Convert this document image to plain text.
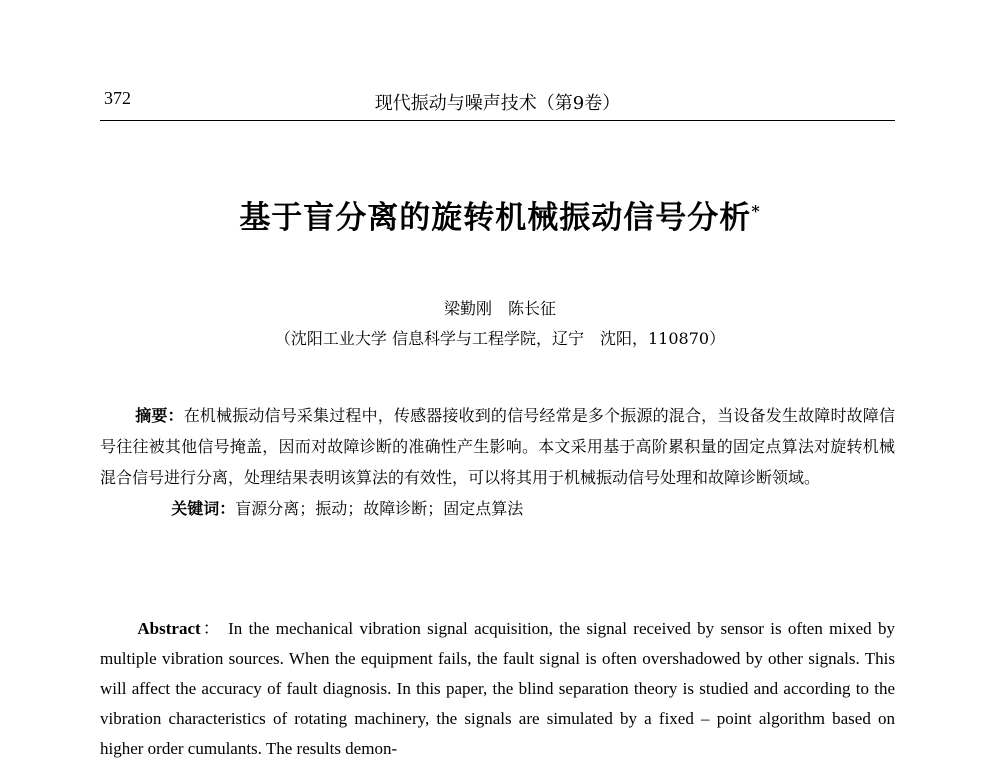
372	现代振动与噪声技术（第9卷）
基于盲分离的旋转机械振动信号分析*
梁勤刚　陈长征
（沈阳工业大学 信息科学与工程学院，辽宁　沈阳，110870）

摘要：在机械振动信号采集过程中，传感器接收到的信号经常是多个振源的混合，当设备发生故障时故障信号往往被其他信号掩盖，因而对故障诊断的准确性产生影响。本文采用基于高阶累积量的固定点算法对旋转机械混合信号进行分离，处理结果表明该算法的有效性，可以将其用于机械振动信号处理和故障诊断领域。

关键词：盲源分离；振动；故障诊断；固定点算法

Abstract： In the mechanical vibration signal acquisition, the signal received by sensor is often mixed by multiple vibration sources. When the equipment fails, the fault signal is often overshadowed by other signals. This will affect the accuracy of fault diagnosis. In this paper, the blind separation theory is studied and according to the vibration characteristics of rotating machinery, the signals are simulated by a fixed – point algorithm based on higher order cumulants. The results demon-
